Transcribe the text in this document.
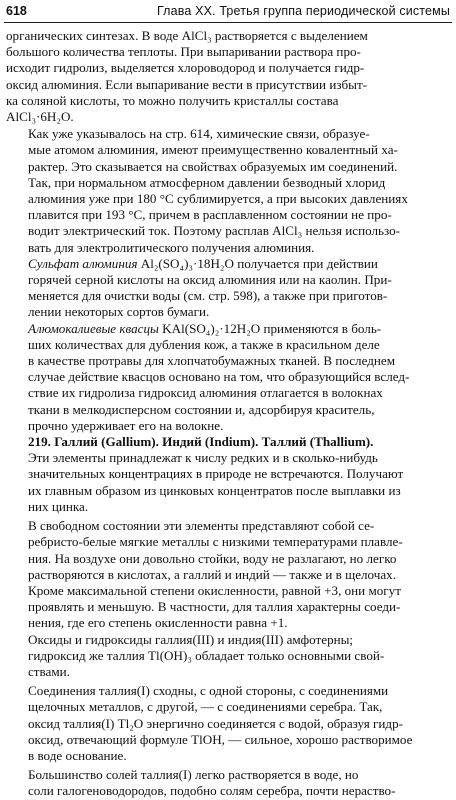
618	Глава XX. Третья группа периодической системы

органических синтезах. В воде AlCl₃ растворяется с выделением
большого количества теплоты. При выпаривании раствора про-
исходит гидролиз, выделяется хлороводород и получается гидр-
оксид алюминия. Если выпаривание вести в присутствии избыт-
ка соляной кислоты, то можно получить кристаллы состава
AlCl₃·6H₂O.

Как уже указывалось на стр. 614, химические связи, образуе-
мые атомом алюминия, имеют преимущественно ковалентный ха-
рактер. Это сказывается на свойствах образуемых им соединений.
Так, при нормальном атмосферном давлении безводный хлорид
алюминия уже при 180 °C сублимируется, а при высоких давлениях
плавится при 193 °C, причем в расплавленном состоянии не про-
водит электрический ток. Поэтому расплав AlCl₃ нельзя использо-
вать для электролитического получения алюминия.

Сульфат алюминия Al₂(SO₄)₃·18H₂O получается при действии
горячей серной кислоты на оксид алюминия или на каолин. При-
меняется для очистки воды (см. стр. 598), а также при приготов-
лении некоторых сортов бумаги.

Алюмокалиевые квасцы KAl(SO₄)₂·12H₂O применяются в боль-
ших количествах для дубления кож, а также в красильном деле
в качестве протравы для хлопчатобумажных тканей. В последнем
случае действие квасцов основано на том, что образующийся вслед-
ствие их гидролиза гидроксид алюминия отлагается в волокнах
ткани в мелкодисперсном состоянии и, адсорбируя краситель,
прочно удерживает его на волокне.

219. Галлий (Gallium). Индий (Indium). Таллий (Thallium).
Эти элементы принадлежат к числу редких и в сколько-нибудь
значительных концентрациях в природе не встречаются. Получают
их главным образом из цинковых концентратов после выплавки из
них цинка.

В свободном состоянии эти элементы представляют собой се-
ребристо-белые мягкие металлы с низкими температурами плавле-
ния. На воздухе они довольно стойки, воду не разлагают, но легко
растворяются в кислотах, а галлий и индий — также и в щелочах.
Кроме максимальной степени окисленности, равной +3, они могут
проявлять и меньшую. В частности, для таллия характерны соеди-
нения, где его степень окисленности равна +1.

Оксиды и гидроксиды галлия(III) и индия(III) амфотерны;
гидроксид же таллия Tl(OH)₃ обладает только основными свой-
ствами.

Соединения таллия(I) сходны, с одной стороны, с соединениями
щелочных металлов, с другой, — с соединениями серебра. Так,
оксид таллия(I) Tl₂O энергично соединяется с водой, образуя гидр-
оксид, отвечающий формуле TlOH, — сильное, хорошо растворимое
в воде основание.

Большинство солей таллия(I) легко растворяется в воде, но
соли галогеноводородов, подобно солям серебра, почти нераство-
